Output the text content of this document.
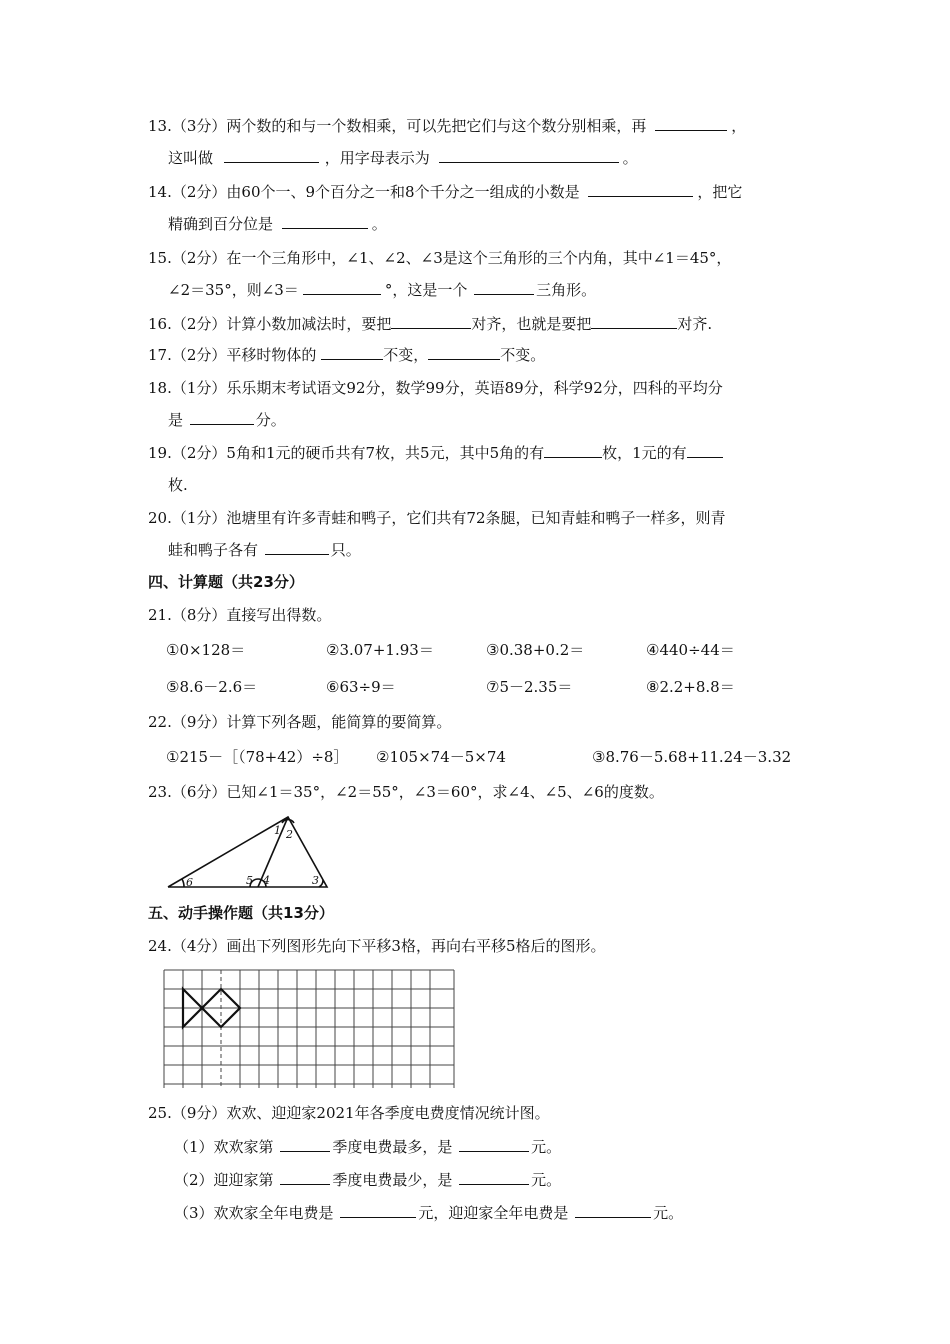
13.（3分）两个数的和与一个数相乘，可以先把它们与这个数分别相乘，再	，
这叫做	，用字母表示为	。
14.（2分）由60个一、9个百分之一和8个千分之一组成的小数是	，把它
精确到百分位是	。
15.（2分）在一个三角形中，∠1、∠2、∠3是这个三角形的三个内角，其中∠1＝45°，
∠2＝35°，则∠3＝	°，这是一个	三角形。
16.（2分）计算小数加减法时，要把	对齐，也就是要把	对齐.
17.（2分）平移时物体的	不变，	不变。
18.（1分）乐乐期末考试语文92分，数学99分，英语89分，科学92分，四科的平均分
是	分。
19.（2分）5角和1元的硬币共有7枚，共5元，其中5角的有	枚，1元的有
枚.
20.（1分）池塘里有许多青蛙和鸭子，它们共有72条腿，已知青蛙和鸭子一样多，则青
蛙和鸭子各有	只。
四、计算题（共23分）
21.（8分）直接写出得数。
①0×128＝	②3.07+1.93＝	③0.38+0.2＝	④440÷44＝
⑤8.6－2.6＝	⑥63÷9＝	⑦5－2.35＝	⑧2.2+8.8＝
22.（9分）计算下列各题，能简算的要简算。
①215－［（78+42）÷8］ ②105×74－5×74	③8.76－5.68+11.24－3.32
23.（6分）已知∠1＝35°，∠2＝55°，∠3＝60°，求∠4、∠5、∠6的度数。
1 2
3
4
5
6
五、动手操作题（共13分）
24.（4分）画出下列图形先向下平移3格，再向右平移5格后的图形。
25.（9分）欢欢、迎迎家2021年各季度电费度情况统计图。
（1）欢欢家第	季度电费最多，是	元。
（2）迎迎家第	季度电费最少，是	元。
（3）欢欢家全年电费是	元，迎迎家全年电费是	元。
